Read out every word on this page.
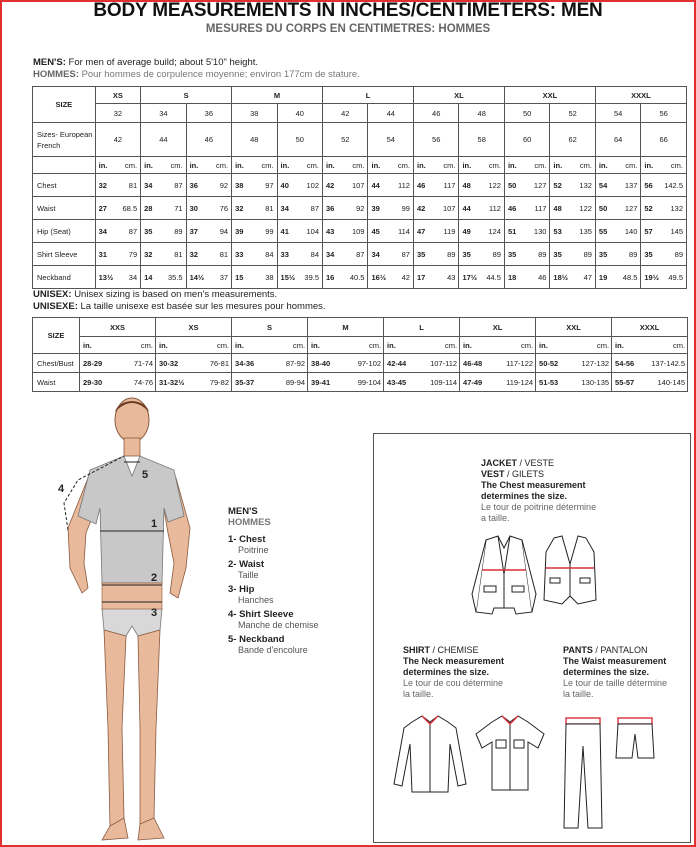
BODY MEASUREMENTS IN INCHES/CENTIMETERS: MEN
MESURES DU CORPS EN CENTIMETRES: HOMMES
MEN'S: For men of average build; about 5'10" height.
HOMMES: Pour hommes de corpulence moyenne; environ 177cm de stature.
SIZE	XS		S				M				L				XL				XXL				XXXL			
	32		34		36		38		40		42		44		46		48		50		52		54		56	

Sizes- European
French	42		44		46		48		50		52		54		56		58		60		62		64		66	
	in.	cm.	in.	cm.	in.	cm.	in.	cm.	in.	cm.	in.	cm.	in.	cm.	in.	cm.	in.	cm.	in.	cm.	in.	cm.	in.	cm.	in.	cm.
Chest	32	81	34	87	36	92	38	97	40	102	42	107	44	112	46	117	48	122	50	127	52	132	54	137	56	142.5
Waist	27	68.5	28	71	30	76	32	81	34	87	36	92	39	99	42	107	44	112	46	117	48	122	50	127	52	132
Hip (Seat)	34	87	35	89	37	94	39	99	41	104	43	109	45	114	47	119	49	124	51	130	53	135	55	140	57	145
Shirt Sleeve	31	79	32	81	32	81	33	84	33	84	34	87	34	87	35	89	35	89	35	89	35	89	35	89	35	89
Neckband	13½	34	14	35.5	14½	37	15	38	15½	39.5	16	40.5	16½	42	17	43	17½	44.5	18	46	18½	47	19	48.5	19½	49.5
UNISEX: Unisex sizing is based on men's measurements.
UNISEXE: La taille unisexe est basée sur les mesures pour hommes.
SIZE	XXS		XS		S		M		L		XL		XXL		XXXL	
	in.	cm.	in.	cm.	in.	cm.	in.	cm.	in.	cm.	in.	cm.	in.	cm.	in.	cm.
Chest/Bust	28-29	71-74	30-32	76-81	34-36	87-92	38-40	97-102	42-44	107-112	46-48	117-122	50-52	127-132	54-56	137-142.5
Waist	29-30	74-76	31-32½	79-82	35-37	89-94	39-41	99-104	43-45	109-114	47-49	119-124	51-53	130-135	55-57	140-145
1
2
3
4
5
MEN'S
HOMMES
1- Chest
Poitrine
2- Waist
Taille
3- Hip
Hanches
4- Shirt Sleeve
Manche de chemise
5- Neckband
Bande d'encolure
JACKET / VESTE
VEST / GILETS
The Chest measurement
determines the size.
Le tour de poitrine détermine
a taille.
SHIRT / CHEMISE
The Neck measurement
determines the size.
Le tour de cou détermine
la taille.
PANTS / PANTALON
The Waist measurement
determines the size.
Le tour de taille détermine
la taille.
